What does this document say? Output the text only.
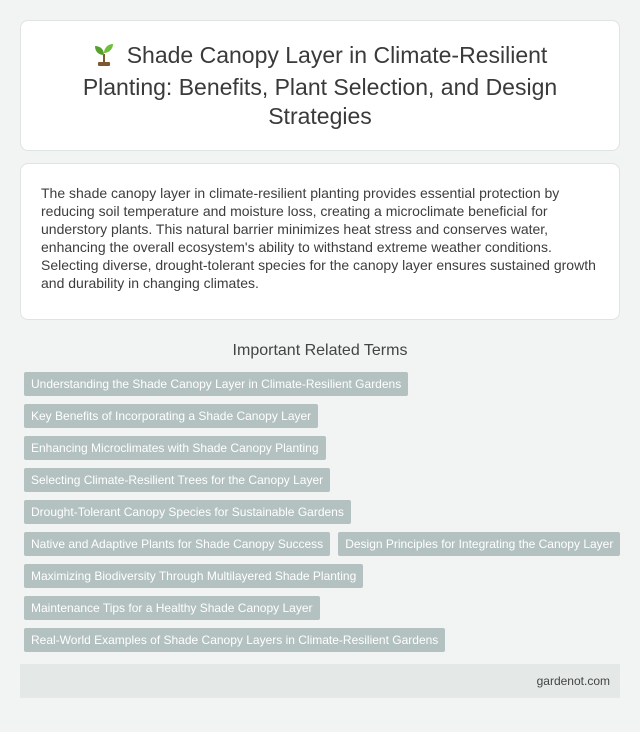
Shade Canopy Layer in Climate-Resilient Planting: Benefits, Plant Selection, and Design Strategies

The shade canopy layer in climate-resilient planting provides essential protection by reducing soil temperature and moisture loss, creating a microclimate beneficial for understory plants. This natural barrier minimizes heat stress and conserves water, enhancing the overall ecosystem's ability to withstand extreme weather conditions. Selecting diverse, drought-tolerant species for the canopy layer ensures sustained growth and durability in changing climates.

Important Related Terms
Understanding the Shade Canopy Layer in Climate-Resilient Gardens
Key Benefits of Incorporating a Shade Canopy Layer
Enhancing Microclimates with Shade Canopy Planting
Selecting Climate-Resilient Trees for the Canopy Layer
Drought-Tolerant Canopy Species for Sustainable Gardens
Native and Adaptive Plants for Shade Canopy Success	Design Principles for Integrating the Canopy Layer
Maximizing Biodiversity Through Multilayered Shade Planting
Maintenance Tips for a Healthy Shade Canopy Layer
Real-World Examples of Shade Canopy Layers in Climate-Resilient Gardens
gardenot.com
